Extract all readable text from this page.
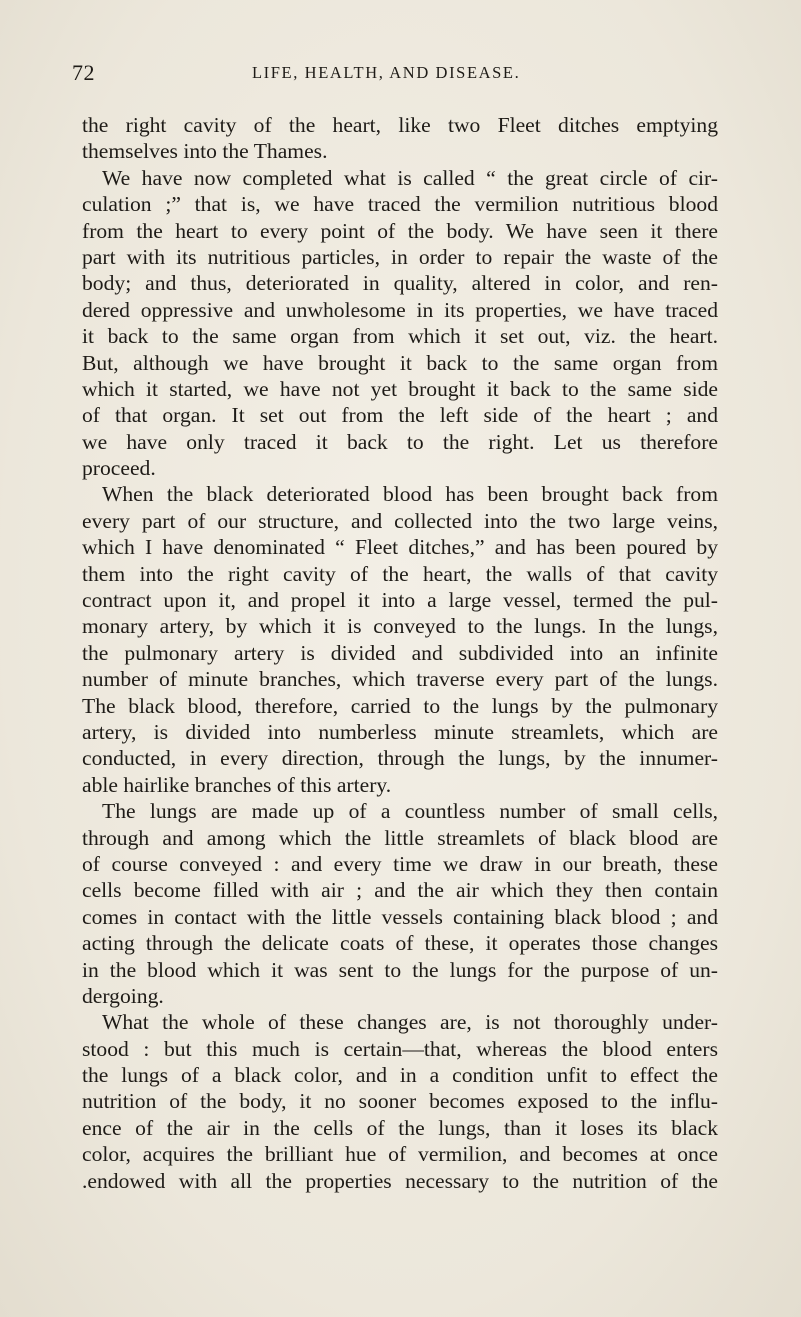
72	LIFE, HEALTH, AND DISEASE.
the right cavity of the heart, like two Fleet ditches emptying
themselves into the Thames.
We have now completed what is called “ the great circle of cir-
culation ;” that is, we have traced the vermilion nutritious blood
from the heart to every point of the body. We have seen it there
part with its nutritious particles, in order to repair the waste of the
body; and thus, deteriorated in quality, altered in color, and ren-
dered oppressive and unwholesome in its properties, we have traced
it back to the same organ from which it set out, viz. the heart.
But, although we have brought it back to the same organ from
which it started, we have not yet brought it back to the same side
of that organ. It set out from the left side of the heart ; and
we have only traced it back to the right. Let us therefore
proceed.
When the black deteriorated blood has been brought back from
every part of our structure, and collected into the two large veins,
which I have denominated “ Fleet ditches,” and has been poured by
them into the right cavity of the heart, the walls of that cavity
contract upon it, and propel it into a large vessel, termed the pul-
monary artery, by which it is conveyed to the lungs. In the lungs,
the pulmonary artery is divided and subdivided into an infinite
number of minute branches, which traverse every part of the lungs.
The black blood, therefore, carried to the lungs by the pulmonary
artery, is divided into numberless minute streamlets, which are
conducted, in every direction, through the lungs, by the innumer-
able hairlike branches of this artery.
The lungs are made up of a countless number of small cells,
through and among which the little streamlets of black blood are
of course conveyed : and every time we draw in our breath, these
cells become filled with air ; and the air which they then contain
comes in contact with the little vessels containing black blood ; and
acting through the delicate coats of these, it operates those changes
in the blood which it was sent to the lungs for the purpose of un-
dergoing.
What the whole of these changes are, is not thoroughly under-
stood : but this much is certain—that, whereas the blood enters
the lungs of a black color, and in a condition unfit to effect the
nutrition of the body, it no sooner becomes exposed to the influ-
ence of the air in the cells of the lungs, than it loses its black
color, acquires the brilliant hue of vermilion, and becomes at once
.endowed with all the properties necessary to the nutrition of the
